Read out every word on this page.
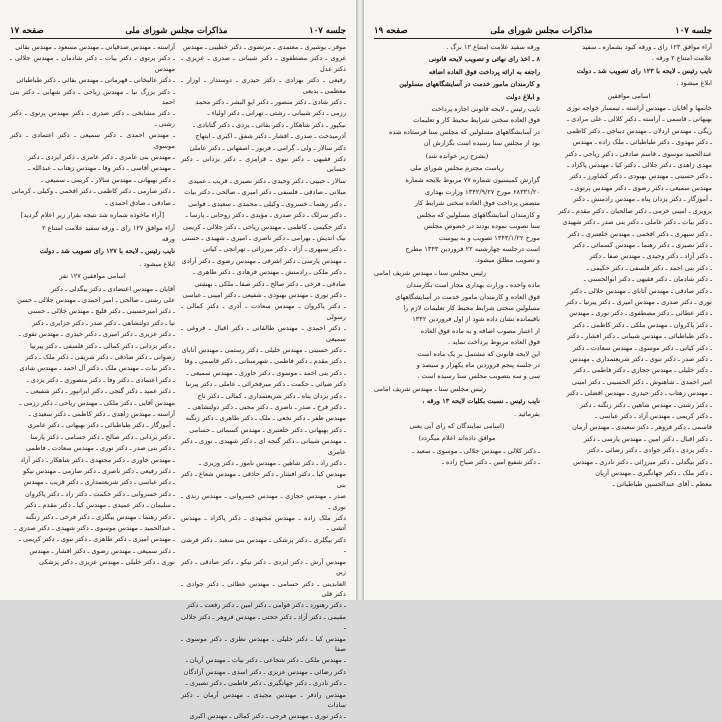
جلسه ۱۰۷
مذاکرات مجلس شورای ملی
صفحه ۱۷

موقر ـ یوشیری ـ معتمدی ـ مرتضوی ـ دکتر خطیبی ـ مهندس

غروی ـ دکتر مصطفوی ـ دکتر شیبانی ـ صدری ـ عزیزی ـ دکتر عدل

رفیعی ـ دکتر بهزادی ـ دکتر حیدری ـ دوستدار ـ اوزار ـ معظمی ـ بدیعی

ـ دکتر شادی ـ دکتر منصور ـ دکتر ابو البشر ـ دکتر محمد

رزمی ـ دکتر شیبانی ـ رشتی ـ تهرانی ـ دکتر اولیاء ـ

نیکپور ـ دکتر شاهکار ـ دکتر بقائی ـ یزدی ـ دکتر گنابادی ـ

آذرمیدخت ـ صدری ـ افشار ـ دکتر شفق ـ اکبری ـ ابتهاج

دکتر سالار ـ ولی ـ گرامی ـ فریور ـ اصفهانی ـ دکتر عاملی

دکتر فقیهی ـ دکتر نبوی ـ قرامزی ـ دکتر یزدانی ـ دکتر حسابی

سالار ـ حبیبی ـ دکتر وحیدی ـ دکتر نصیری ـ قریب ـ عمیدی

میلانی ـ صادقی ـ فلسفی ـ دکتر امیری ـ صالحی ـ دکتر بیات

ـ دکتر رهنما ـ خسروی ـ وکیلی ـ محمدی ـ سعیدی ـ قوامی

ـ دکتر سرلک ـ دکتر صدری ـ مؤیدی ـ دکتر روحانی ـ پارسا ـ

دکتر حکیمی ـ کاظمی ـ مهندس ریاحی ـ دکتر جلالی ـ کریمی

نیک اندیش ـ بهرامی ـ دکتر ناصری ـ امیری ـ شهیدی ـ حسنی

ـ دکتر سپهری ـ آزاد ـ دکتر میرزائی ـ تهرانچی ـ کیانی

ـ مهندس پارسی ـ دکتر اشرفی ـ مهندس رضوی ـ دکتر آزادی

ـ دکتر ملکی ـ رادمنش ـ مهندس فرهادی ـ دکتر طاهری ـ

صادقی ـ فرخی ـ دکتر صالح ـ دکتر صفا ـ ملکی ـ بهشتی

ـ دکتر نوری ـ مهندس بهبودی ـ شفیعی ـ دکتر امینی ـ عباسی

ـ دکتر پاکروان ـ مهندس سعادت ـ آذری ـ دکتر کمالی ـ رسولی

ـ دکتر احمدی ـ مهندس طالقانی ـ دکتر اقبال ـ فروغی ـ سمیعی

ـ دکتر حسینی ـ مهندس خلیلی ـ دکتر رستمی ـ مهندس آتابای

ـ دکتر مقدم ـ دکتر فاطمی ـ شهرستانی ـ دکتر قاسمی ـ وفا

ـ دکتر بنی احمد ـ موسوی ـ دکتر خاوری ـ مهندس سمیعی ـ

دکتر ضیائی ـ حکمت ـ دکتر میرفخرائی ـ عاملی ـ دکتر پیرنیا

ـ دکتر یزدان پناه ـ دکتر شریعتمداری ـ کمالی ـ دکتر تاج

ـ دکتر فرخ ـ صدر ـ ناصری ـ دکتر محبی ـ دکتر دولتشاهی ـ

مهندس ظفر ـ دکتر نخعی ـ ملک ـ دکتر طاهری ـ دکتر زنگنه

ـ دکتر بهبهانی ـ دکتر خلعتبری ـ مهندس کسمائی ـ حسامی

ـ مهندس شیبانی ـ دکتر گنجه ای ـ دکتر شهیدی ـ نوری ـ دکتر عامری

ـ دکتر راد ـ دکتر شاهین ـ مهندس نامور ـ دکتر وزیری ـ

مهندس کیا ـ دکتر افشار ـ دکتر حاذقی ـ مهندس شعاع ـ دکتر بنی

صدر ـ مهندس حجازی ـ مهندس خسروانی ـ مهندس زندی ـ نوری ـ

دکتر ملک زاده ـ مهندس مجتهدی ـ دکتر پاکزاد ـ مهندس آتشی ـ

دکتر بیگلری ـ دکتر پزشکی ـ مهندس بنی سعید ـ دکتر فرشی ـ

مهندس آرش ـ دکتر ایزدی ـ دکتر نیکو ـ دکتر صادقی ـ دکتر زین

العابدینی ـ دکتر حسامی ـ مهندس عطائی ـ دکتر جوادی ـ دکتر قلی

ـ دکتر رهنورد ـ دکتر قوامی ـ دکتر امین ـ دکتر رفعت ـ دکتر

مقیمی ـ دکتر آزاد ـ دکتر حجتی ـ مهندس فروهر ـ دکتر جلالی ـ

مهندس کیا ـ دکتر خلیلی ـ مهندس نظری ـ دکتر موسوی ـ صفا

ـ مهندس ملکی ـ دکتر شجاعی ـ دکتر بیات ـ مهندس آریان ـ

دکتر رضائی ـ مهندس عزیزی ـ دکتر اسدی ـ مهندس آزادگان

ـ دکتر نادری ـ دکتر جهانگیری ـ دکتر فاطمی ـ دکتر نصیری ـ

مهندس رادفر ـ مهندس مجیدی ـ مهندس آرمان ـ دکتر سادات

ـ دکتر نوری ـ مهندس فرجی ـ دکتر کمالی ـ مهندس اکبری

آراسته ـ مهندس صدقیانی ـ مهندس مسعود ـ مهندس بقائی

ـ دکتر پرتوی ـ دکتر بیات ـ دکتر شادمان ـ مهندس جلالی ـ مهندس

ـ دکتر عالیخانی ـ قهرمانی ـ مهندس بقائی ـ دکتر طباطبائی

ـ دکتر بزرگ نیا ـ مهندس ریاحی ـ دکتر شهابی ـ دکتر بنی احمد

ـ دکتر مشایخی ـ دکتر صدری ـ دکتر مهندس پرتوی ـ دکتر رشتی ـ

ـ مهندس احمدی ـ دکتر سمیعی ـ دکتر اعتمادی ـ دکتر موسوی

ـ مهندس بنی عامری ـ دکتر عامری ـ دکتر ایزدی ـ دکتر

ـ مهندس آقاسی ـ دکتر وفا ـ مهندس زهتاب ـ عبدالله ـ

ـ دکتر بهبهانی ـ مهندس سالار ـ کریمی ـ سمیعی ـ

ـ دکتر صارمی ـ دکتر کاظمی ـ دکتر افخمی ـ وکیلی ـ کرمانی

ـ صادقی ـ صادق احمدی ـ

[آراء ماخوذه شماره شد نتیجه بقرار زیر اعلام گردید]

آراء موافق ۱۲۷ رای ـ ورقه سفید علامت امتناع ۲

ورقه

نایب رئیس ـ لایحه با ۱۲۷ رای تصویب شد ـ دولت

ابلاغ میشود .

اسامی موافقین ۱۲۷ نفر

آقایان ـ مهندس اعتضادی ـ دکتر بیگدلی ـ دکتر

علی رشتی ـ صالحی ـ امیر احمدی ـ مهندس جلالی ـ حسن

ـ دکتر امیرحسینی ـ دکتر قلیچ ـ مهندس جلالی ـ حسنی

نیا ـ دکتر دولتشاهی ـ دکتر صدر ـ دکتر جزایری ـ دکتر

ـ دکتر عزیزی ـ دکتر امیری ـ دکتر حیدری ـ مهندس تقوی ـ

ـ دکتر یزدانی ـ دکتر کمالی ـ دکتر فلسفی ـ دکتر پیرنیا

رضوانی ـ دکتر صادقی ـ دکتر شریفی ـ دکتر ملک ـ دکتر

ـ دکتر بیات ـ مهندس ملک ـ دکتر آل احمد ـ مهندس شادی

ـ دکتر اعتمادی ـ دکتر وفا ـ دکتر منصوری ـ دکتر یزدی ـ

ـ دکتر عمید ـ دکتر گنجی ـ دکتر ایرانپور ـ دکتر شفیعی ـ

مهندس آقایی ـ دکتر ملکی ـ مهندس ریاحی ـ دکتر رزمی ـ

آراسته ـ مهندس زاهدی ـ دکتر کاظمی ـ دکتر سعیدی ـ

ـ آموزگار ـ دکتر طباطبائی ـ دکتر بهبهانی ـ دکتر عامری

ـ دکتر یزدانی ـ دکتر صالح ـ دکتر حسامی ـ دکتر پارسا

ـ دکتر بنی صدر ـ دکتر نوری ـ مهندس سعادت ـ فاطمی

ـ مهندس خاوری ـ دکتر مجتهدی ـ دکتر شاهکار ـ دکتر آزاد

ـ دکتر رفیعی ـ دکتر ناصری ـ دکتر صارمی ـ مهندس نیکو

ـ دکتر عباسی ـ دکتر شریعتمداری ـ دکتر قریب ـ مهندس

ـ دکتر خسروانی ـ دکتر حکمت ـ دکتر راد ـ دکتر پاکروان

ـ سلیمان ـ دکتر عمیدی ـ مهندس کیا ـ دکتر مقدم ـ دکتر

ـ دکتر رهنما ـ مهندس بیگلری ـ دکتر فرخی ـ دکتر زنگنه

ـ عبدالحمید ـ مهندس موسوی ـ دکتر شهیدی ـ دکتر صدری ـ

ـ مهندس امیری ـ دکتر طاهری ـ دکتر نبوی ـ دکتر کریمی ـ

ـ دکتر سمیعی ـ مهندس رضوی ـ دکتر افشار ـ مهندس

نوری ـ دکتر خلیلی ـ مهندس عزیزی ـ دکتر پزشکی

جلسه ۱۰۷
مذاکرات مجلس شورای ملی
صفحه ۱۹

آراء موافق ۱۲۳ رای ـ ورقه کبود بشماره ـ سفید

علامت امتناع ۲ ورقه .

نایب رئیس ـ لایحه با ۱۲۳ رای تصویب شد ـ دولت

ابلاغ میشود .

اسامی موافقین

خانمها و آقایان ـ مهندس آراسته ـ تیمسار خواجه نوری

بهبهانی ـ قاسمی ـ آراسته ـ دکتر کلالی ـ علی مرادی ـ

ریگی ـ مهندس اردلان ـ مهندس دیباجی ـ دکتر کاظمی

ـ دکتر مهدوی ـ دکتر طباطبائی ـ ملک زاده ـ مهندس

عبدالحمید موسوی ـ قاسم صادقی ـ دکتر ریاحی ـ دکتر

مهدی زاهدی ـ دکتر جلالی ـ دکتر کیا ـ مهندس پاکزاد ـ

ـ دکتر حسینی ـ مهندس بهبودی ـ دکتر کشاورز ـ دکتر

مهندس سمیعی ـ دکتر رضوی ـ دکتر مهندس پرتوی ـ

ـ آموزگار ـ دکتر یزدان پناه ـ مهندس رادمنش ـ دکتر

پرویزی ـ امینی خرمی ـ دکتر صالحیان ـ دکتر مقدم ـ دکتر

ـ دکتر بیات ـ دکتر عاملی ـ دکتر بنی صدر ـ دکتر شهیدی

ـ دکتر سپهری ـ دکتر افخمی ـ مهندس خلعتبری ـ دکتر

ـ دکتر نصیری ـ دکتر رهنما ـ مهندس کسمائی ـ دکتر

ـ دکتر آزاد ـ دکتر وحیدی ـ مهندس صفا ـ دکتر

ـ دکتر بنی احمد ـ دکتر فلسفی ـ دکتر حکیمی ـ

ـ دکتر شادمان ـ دکتر فقیهی ـ دکتر ابوالحسنی ـ

ـ دکتر صادقی ـ مهندس آتابای ـ مهندس جلالی ـ دکتر

نوری ـ دکتر صدری ـ مهندس امیری ـ دکتر پیرنیا ـ دکتر

ـ دکتر عطائی ـ دکتر مصطفوی ـ دکتر نوری ـ مهندس

ـ دکتر پاکروان ـ مهندس ملکی ـ دکتر کاظمی ـ دکتر

ـ دکتر طباطبائی ـ مهندس شیبانی ـ دکتر افشار ـ دکتر

ـ دکتر کیانی ـ دکتر موسوی ـ مهندس سعادت ـ دکتر

ـ دکتر صدر ـ دکتر نبوی ـ دکتر شریعتمداری ـ مهندس

ـ دکتر خلیلی ـ مهندس حجازی ـ دکتر فاطمی ـ دکتر

امیر احمدی ـ شاهنوش ـ دکتر الحسینی ـ دکتر امینی

ـ مهندس زهتاب ـ دکتر حیدری ـ مهندس افضلی ـ دکتر

ـ دکتر رشتی ـ مهندس شاهین ـ دکتر زنگنه ـ دکتر

ـ دکتر کریمی ـ مهندس آزاد ـ دکتر عباسی ـ

قاسمی ـ دکتر فروهر ـ دکتر سعیدی ـ مهندس آرمان

ـ دکتر اقبال ـ دکتر امین ـ مهندس پارسی ـ دکتر

ـ دکتر یزدی ـ دکتر جوادی ـ دکتر رضائی ـ دکتر

ـ دکتر بیگدلی ـ دکتر میرزائی ـ دکتر نادری ـ مهندس

ـ دکتر ملک ـ دکتر جهانگیری ـ مهندس آریان

معظم ـ آقای عبدالحسین طباطبائی ـ

ورقه سفید علامت امتناع ۱۲ برگ .

۸ ـ اخذ رای نهائی و تصویب لایحه قانونی

راجعه به ارائه پرداخت فوق العاده اضافه

و کارمندان مامور خدمت در آسایشگاههای مسلولین

و ابلاغ دولت

نایب رئیس ـ لایحه قانونی اجازه پرداخت

فوق العاده سختی شرایط محیط کار و تعلیمات

در آسایشگاههای مسلولین که مجلس سنا فرستاده شده

بود از مجلس سنا رسیده است بگزارش آن

(بشرح زیر خوانده شد)

ریاست محترم مجلس شورای ملی

گزارش کمیسیون شماره ۷۷ مربوط بلایحه شماره

۶۸۳۳۱/۲۰ مورخ ۱۳۴۲/۹/۲۷ وزارت بهداری

متضمن پرداخت فوق العاده سختی شرایط کار

و کارمندان آسایشگاههای مسلولین که مجلس

سنا تصویب نموده بودند در خصوص مجلس

مورخ ۱۳۴۳/۱/۲۲ تصویب و به پیوست

است درجلسه چهارشنبه ۲۲ فروردین ۱۳۴۳ مطرح

و تصویب مطلق میشود.

رئیس مجلس سنا ـ مهندس شریف امامی

ماده واحده ـ وزارت بهداری مجاز است بکارمندان

فوق العاده و کارمندان مامور خدمت در آسایشگاههای

مسلولین سختی شرایط محیط کار تعلیمات لازم را

باقیمانده نشان داده شود از اول فروردین ۱۳۴۲

از اعتبار مصوب اضافه و به ماده فوق العاده

فوق العاده مربوط پرداخت نماید .

این لایحه قانونی که مشتمل بر یک ماده است

در جلسه پنجم فروردین ماه یکهزار و سیصد و

سی و سه بتصویب مجلس سنا رسیده است .

رئیس مجلس سنا ـ مهندس شریف امامی

نایب رئیس ـ نسبت بکلیات لایحه ۱۳ ورقه ،

بفرمائید .

(اسامی نمایندگان که رای آبی یعنی

موافق داده‌اند اعلام میگردد)

ـ دکتر کلالی ـ مهندس جلالی ـ موسوی ـ سعید ـ

ـ دکتر شفیع امین ـ دکتر صباح زاده ـ
